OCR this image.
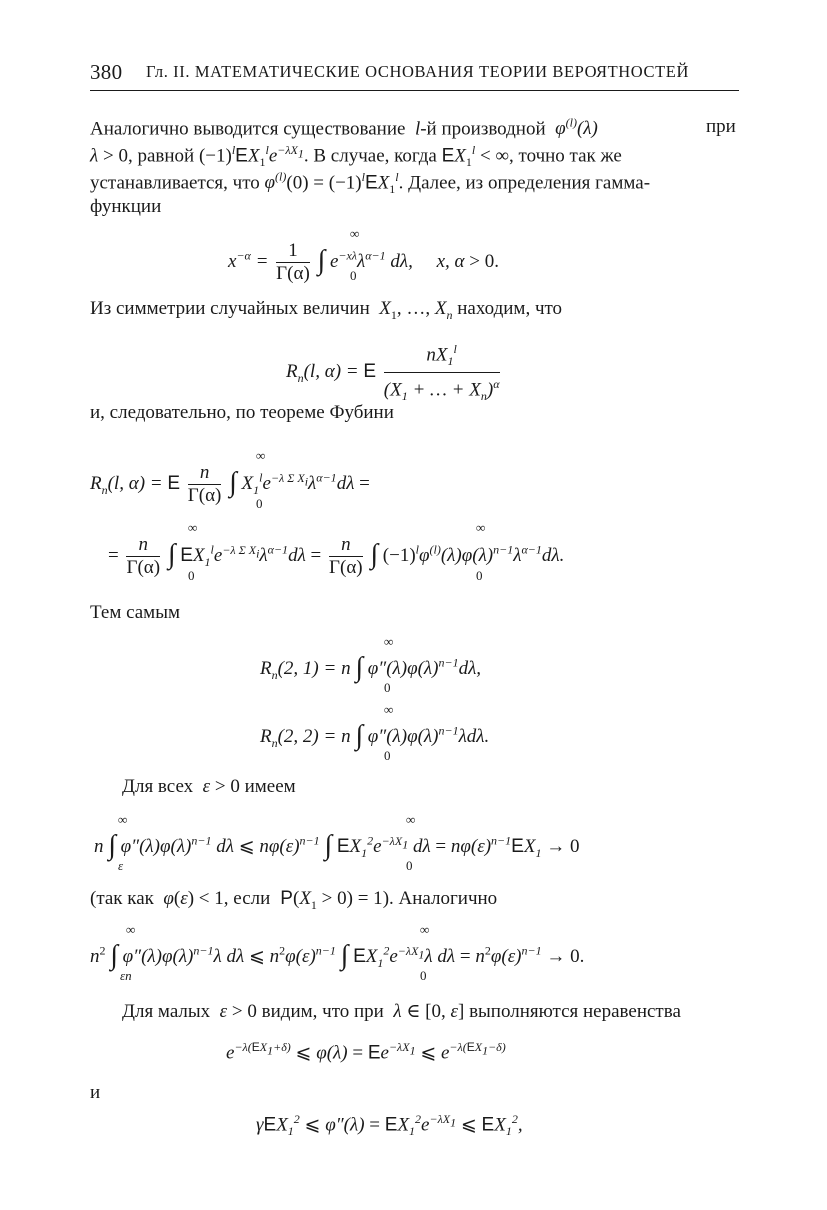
380 Гл. II. МАТЕМАТИЧЕСКИЕ ОСНОВАНИЯ ТЕОРИИ ВЕРОЯТНОСТЕЙ
Аналогично выводится существование  l-й производной  $\varphi^{(l)}(\lambda)$	при
λ > 0, равной $(-1)^lEX_1^le^{-\lambda X_1}$. В случае, когда $EX_1^l$ < ∞, точно так же
устанавливается, что $\varphi^{(l)}(0) = (-1)^lEX_1^l$. Далее, из определения гамма-
функции
$x^{-\alpha} = \frac{1}{\Gamma(\alpha)}$ ∫ $e^{-x\lambda}\lambda^{\alpha-1}$ dλ,     x, α > 0.
∞
0
Из симметрии случайных величин  $X_1$, …, $X_n$ находим, что
$R_n(l$, α) = E $\frac{nX_1^l}{(X_1 + \dots + X_n)^\alpha}$
и, следовательно, по теореме Фубини
$R_n(l$, α) = E $\frac{n}{\Gamma(\alpha)}$ ∫ $X_1^le^{-\lambda \Sigma X_i}\lambda^{\alpha-1}d\lambda$ =
∞
0
= $\frac{n}{\Gamma(\alpha)}$ ∫ $EX_1^le^{-\lambda \Sigma X_i}\lambda^{\alpha-1}d\lambda = \frac{n}{\Gamma(\alpha)}$ ∫ $(-1)^l\varphi^{(l)}(\lambda)\varphi(\lambda)^{n-1}\lambda^{\alpha-1}d\lambda$.
∞
0
∞
0
Тем самым
$R_n(2$, 1) = n ∫ $\varphi''(\lambda)\varphi(\lambda)^{n-1}d\lambda$,
∞
0
$R_n(2$, 2) = n ∫ $\varphi''(\lambda)\varphi(\lambda)^{n-1}\lambda d\lambda$.
∞
0
Для всех  ε > 0 имеем
n ∫ $\varphi''(\lambda)\varphi(\lambda)^{n-1}$ dλ ⩽ $n\varphi(\varepsilon)^{n-1}$ ∫ $EX_1^2e^{-\lambda X_1}$ $d\lambda = n\varphi(\varepsilon)^{n-1}EX_1 \to 0$
∞
ε
∞
0
(так как  φ(ε) < 1, если  $P(X_1 > 0) = 1$). Аналогично
$n^2$ ∫ $\varphi''(\lambda)\varphi(\lambda)^{n-1}\lambda$ dλ ⩽ $n^2\varphi(\varepsilon)^{n-1}$ ∫ $EX_1^2e^{-\lambda X_1}\lambda$ $d\lambda = n^2\varphi(\varepsilon)^{n-1} \to 0$.
∞
εn
∞
0
Для малых  ε > 0 видим, что при  λ ∈ [0, ε] выполняются неравенства
$e^{-\lambda(EX_1+\delta)}$ ⩽ $\varphi(\lambda) = Ee^{-\lambda X_1}$ ⩽ $e^{-\lambda(EX_1-\delta)}$
и
γEX$_1^2$ ⩽ $\varphi''(\lambda) = EX_1^2e^{-\lambda X_1}$ ⩽ $EX_1^2$,
